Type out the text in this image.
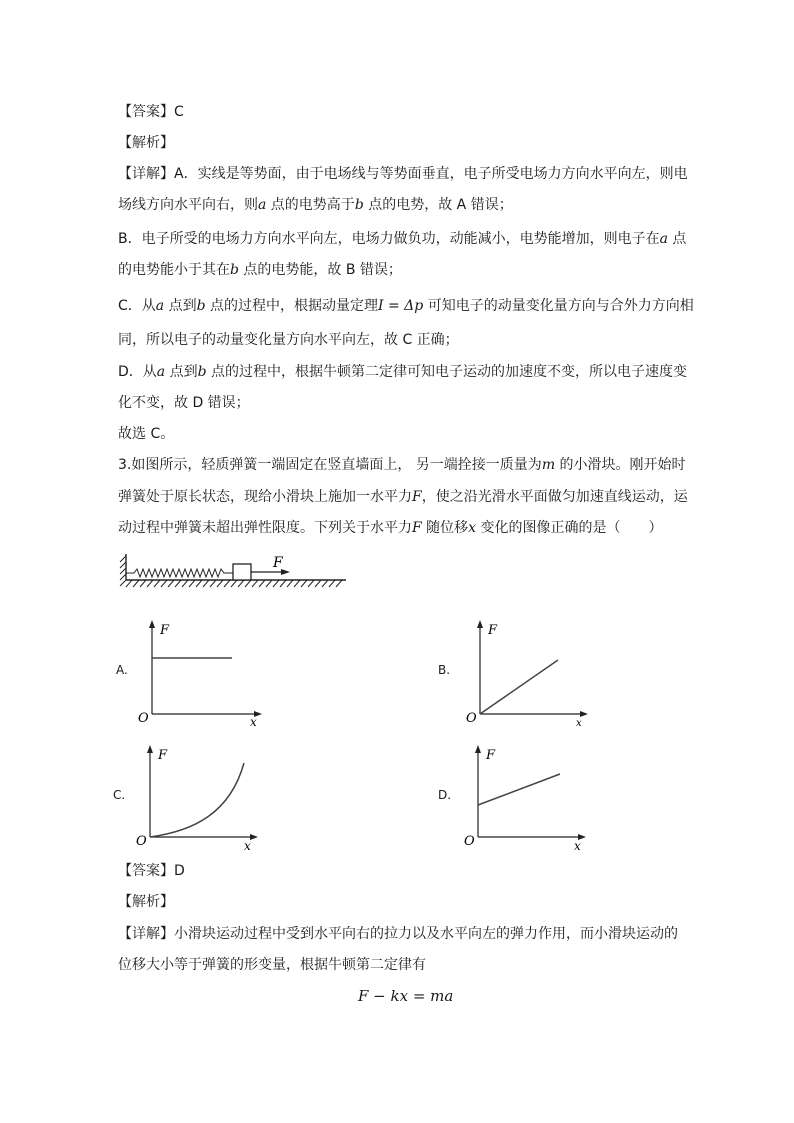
【答案】C
【解析】
【详解】A．实线是等势面，由于电场线与等势面垂直，电子所受电场力方向水平向左，则电
场线方向水平向右，则a 点的电势高于b 点的电势，故 A 错误；
B．电子所受的电场力方向水平向左，电场力做负功，动能减小，电势能增加，则电子在a 点
的电势能小于其在b 点的电势能，故 B 错误；
C．从a 点到b 点的过程中，根据动量定理I = Δp 可知电子的动量变化量方向与合外力方向相
同，所以电子的动量变化量方向水平向左，故 C 正确；
D．从a 点到b 点的过程中，根据牛顿第二定律可知电子运动的加速度不变，所以电子速度变
化不变，故 D 错误；
故选 C。
3.如图所示，轻质弹簧一端固定在竖直墙面上， 另一端拴接一质量为m 的小滑块。刚开始时
弹簧处于原长状态，现给小滑块上施加一水平力F，使之沿光滑水平面做匀加速直线运动，运
动过程中弹簧未超出弹性限度。下列关于水平力F 随位移x 变化的图像正确的是（　　）
F
A.
F
x
O
B.
F
x
O
C.
F
x
O
D.
F
x
O
【答案】D
【解析】
【详解】小滑块运动过程中受到水平向右的拉力以及水平向左的弹力作用，而小滑块运动的
位移大小等于弹簧的形变量，根据牛顿第二定律有
F − kx = ma
